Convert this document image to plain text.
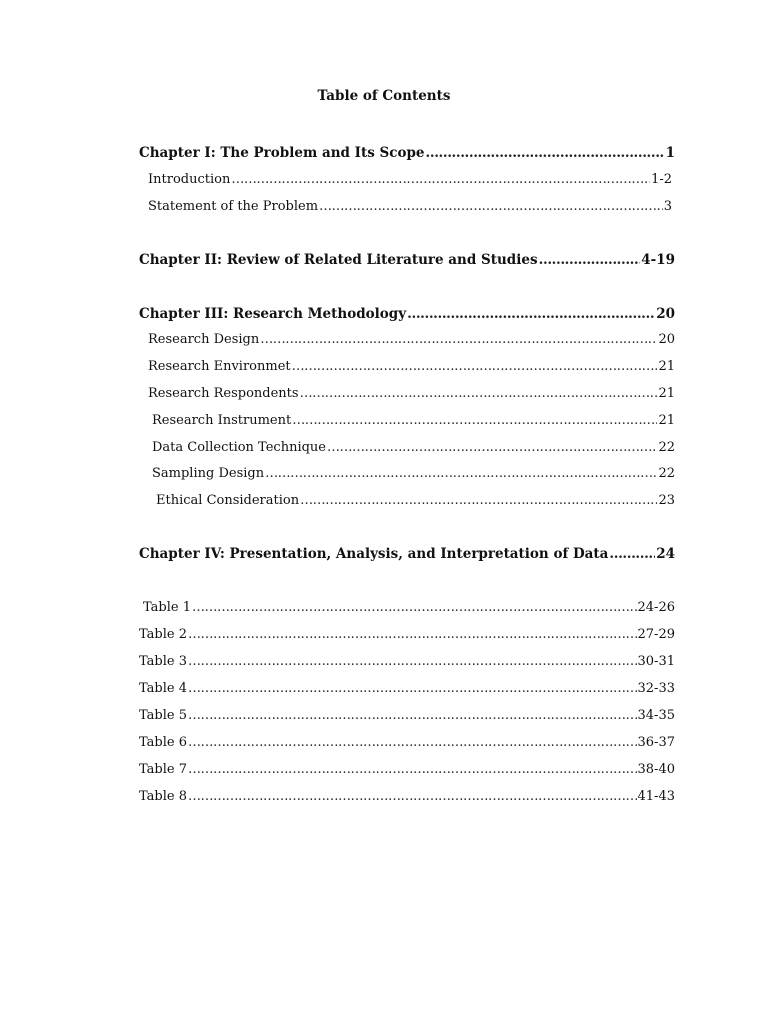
Table of Contents
Chapter I: The Problem and Its Scope ……………………………………………………………………………………………………………………………………………………………………………………………………………………………	1
Introduction ……………………………………………………………………………………………………………………………………………………………………………………………………………………………	1-2
Statement of the Problem ……………………………………………………………………………………………………………………………………………………………………………………………………………………………	3
Chapter II: Review of Related Literature and Studies ……………………………………………………………………………………………………………………………………………………………………………………………………………………………	4-19
Chapter III: Research Methodology ……………………………………………………………………………………………………………………………………………………………………………………………………………………………	20
Research Design ……………………………………………………………………………………………………………………………………………………………………………………………………………………………	20
Research Environmet ……………………………………………………………………………………………………………………………………………………………………………………………………………………………	21
Research Respondents ……………………………………………………………………………………………………………………………………………………………………………………………………………………………	21
Research Instrument ……………………………………………………………………………………………………………………………………………………………………………………………………………………………	21
Data Collection Technique ……………………………………………………………………………………………………………………………………………………………………………………………………………………………	22
Sampling Design ……………………………………………………………………………………………………………………………………………………………………………………………………………………………	22
Ethical Consideration ……………………………………………………………………………………………………………………………………………………………………………………………………………………………	23
Chapter IV: Presentation, Analysis, and Interpretation of Data ……………………………………………………………………………………………………………………………………………………………………………………………………………………………	24
Table 1 ……………………………………………………………………………………………………………………………………………………………………………………………………………………………	24-26
Table 2 ……………………………………………………………………………………………………………………………………………………………………………………………………………………………	27-29
Table 3 ……………………………………………………………………………………………………………………………………………………………………………………………………………………………	30-31
Table 4 ……………………………………………………………………………………………………………………………………………………………………………………………………………………………	32-33
Table 5 ……………………………………………………………………………………………………………………………………………………………………………………………………………………………	34-35
Table 6 ……………………………………………………………………………………………………………………………………………………………………………………………………………………………	36-37
Table 7 ……………………………………………………………………………………………………………………………………………………………………………………………………………………………	38-40
Table 8 ……………………………………………………………………………………………………………………………………………………………………………………………………………………………	41-43
